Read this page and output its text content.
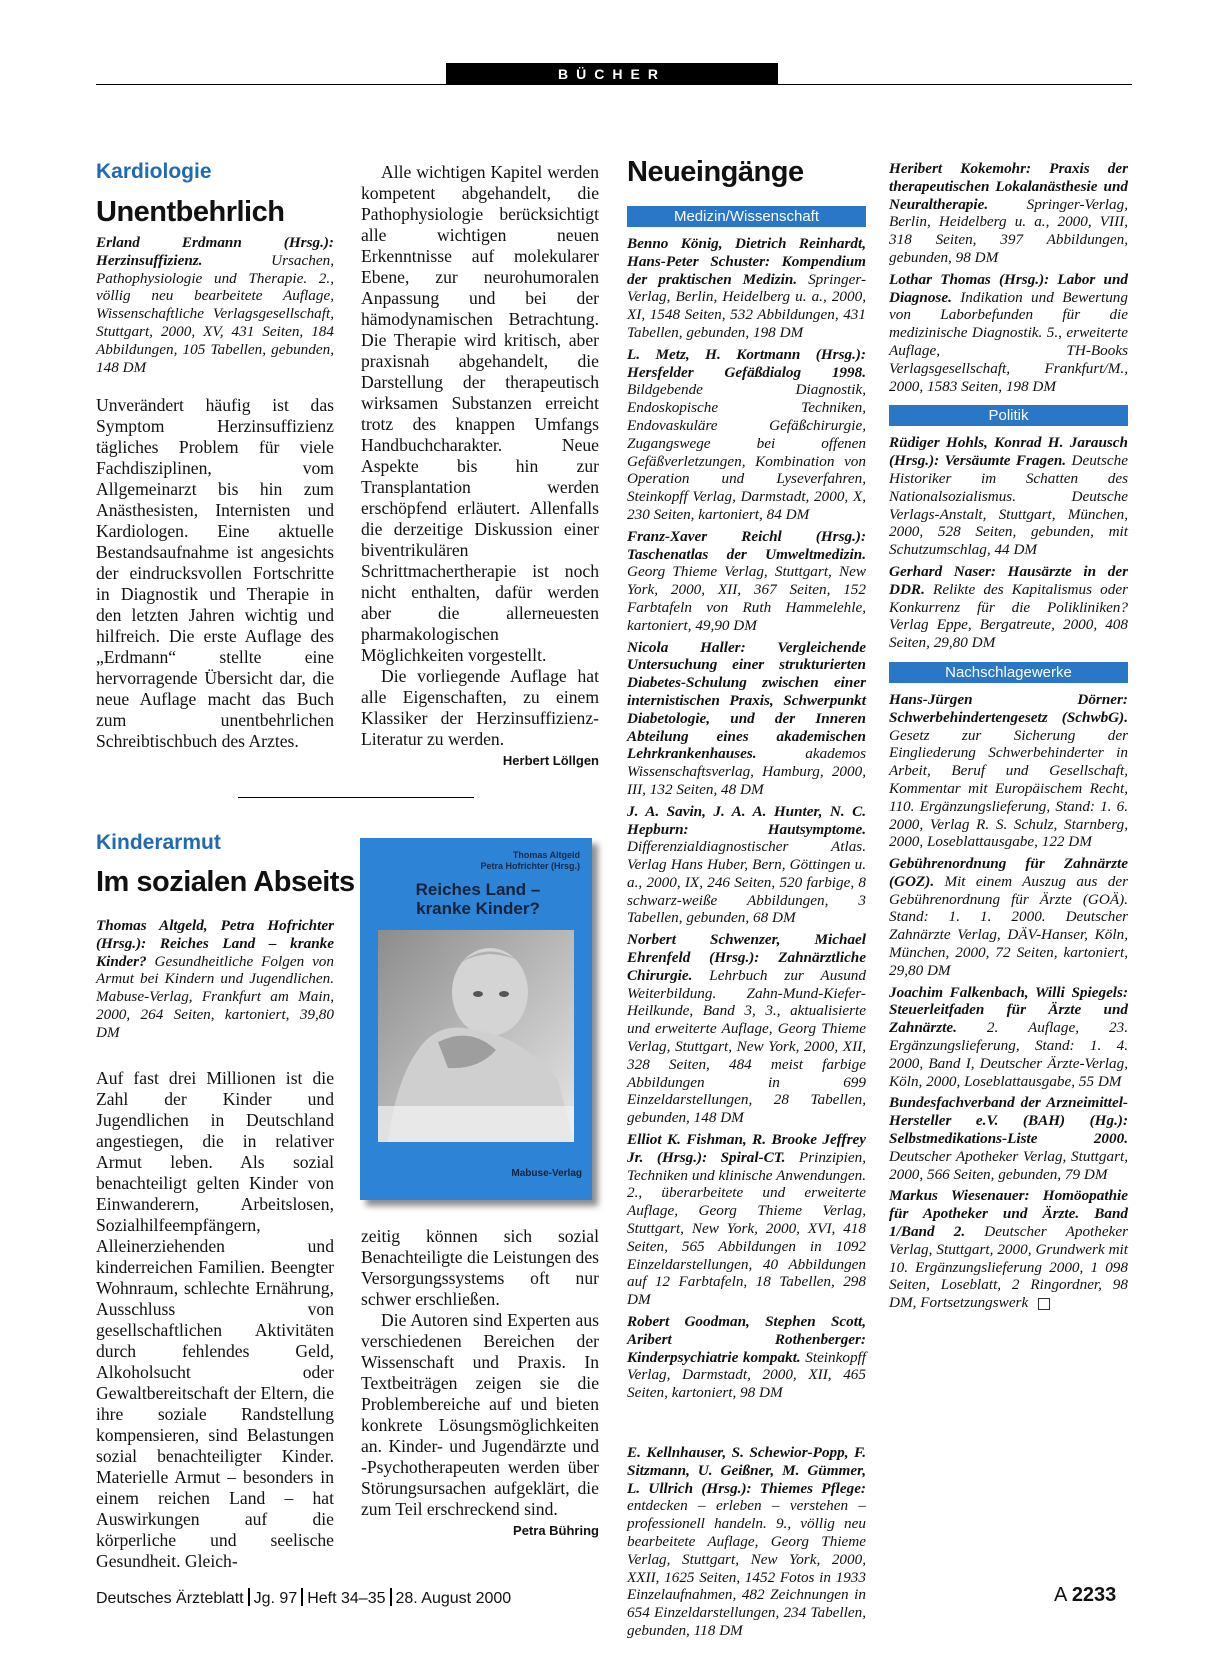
BÜCHER
Kardiologie
Unentbehrlich
Erland Erdmann (Hrsg.): Herzinsuffizienz. Ursachen, Pathophysiologie und Therapie. 2., völlig neu bearbeitete Auflage, Wissenschaftliche Verlagsgesellschaft, Stuttgart, 2000, XV, 431 Seiten, 184 Abbildungen, 105 Tabellen, gebunden, 148 DM

Unverändert häufig ist das Symptom Herzinsuffizienz tägliches Problem für viele Fachdisziplinen, vom Allgemeinarzt bis hin zum Anästhesisten, Internisten und Kardiologen. Eine aktuelle Bestandsaufnahme ist angesichts der eindrucksvollen Fortschritte in Diagnostik und Therapie in den letzten Jahren wichtig und hilfreich. Die erste Auflage des „Erdmann“ stellte eine hervorragende Übersicht dar, die neue Auflage macht das Buch zum unentbehrlichen Schreibtischbuch des Arztes.

Alle wichtigen Kapitel werden kompetent abgehandelt, die Pathophysiologie berücksichtigt alle wichtigen neuen Erkenntnisse auf molekularer Ebene, zur neurohumoralen Anpassung und bei der hämodynamischen Betrachtung. Die Therapie wird kritisch, aber praxisnah abgehandelt, die Darstellung der therapeutisch wirksamen Substanzen erreicht trotz des knappen Umfangs Handbuchcharakter. Neue Aspekte bis hin zur Transplantation werden erschöpfend erläutert. Allenfalls die derzeitige Diskussion einer biventrikulären Schrittmachertherapie ist noch nicht enthalten, dafür werden aber die allerneuesten pharmakologischen Möglichkeiten vorgestellt.

Die vorliegende Auflage hat alle Eigenschaften, zu einem Klassiker der Herzinsuffizienz-Literatur zu werden.
Herbert Löllgen

Kinderarmut
Im sozialen Abseits
Thomas Altgeld, Petra Hofrichter (Hrsg.): Reiches Land – kranke Kinder? Gesundheitliche Folgen von Armut bei Kindern und Jugendlichen. Mabuse-Verlag, Frankfurt am Main, 2000, 264 Seiten, kartoniert, 39,80 DM

Auf fast drei Millionen ist die Zahl der Kinder und Jugendlichen in Deutschland angestiegen, die in relativer Armut leben. Als sozial benachteiligt gelten Kinder von Einwanderern, Arbeitslosen, Sozialhilfeempfängern, Alleinerziehenden und kinderreichen Familien. Beengter Wohnraum, schlechte Ernährung, Ausschluss von gesellschaftlichen Aktivitäten durch fehlendes Geld, Alkoholsucht oder Gewaltbereitschaft der Eltern, die ihre soziale Randstellung kompensieren, sind Belastungen sozial benachteiligter Kinder. Materielle Armut – besonders in einem reichen Land – hat Auswirkungen auf die körperliche und seelische Gesundheit. Gleich-

Thomas Altgeld
Petra Hofrichter (Hrsg.)
Reiches Land –
kranke Kinder?
Mabuse-Verlag

zeitig können sich sozial Benachteiligte die Leistungen des Versorgungssystems oft nur schwer erschließen.

Die Autoren sind Experten aus verschiedenen Bereichen der Wissenschaft und Praxis. In Textbeiträgen zeigen sie die Problembereiche auf und bieten konkrete Lösungsmöglichkeiten an. Kinder- und Jugendärzte und -Psychotherapeuten werden über Störungsursachen aufgeklärt, die zum Teil erschreckend sind.
Petra Bühring

Neueingänge
Medizin/Wissenschaft

Benno König, Dietrich Reinhardt, Hans-Peter Schuster: Kompendium der praktischen Medizin. Springer-Verlag, Berlin, Heidelberg u. a., 2000, XI, 1548 Seiten, 532 Abbildungen, 431 Tabellen, gebunden, 198 DM

L. Metz, H. Kortmann (Hrsg.): Hersfelder Gefäßdialog 1998. Bildgebende Diagnostik, Endoskopische Techniken, Endovaskuläre Gefäßchirurgie, Zugangswege bei offenen Gefäßverletzungen, Kombination von Operation und Lyseverfahren, Steinkopff Verlag, Darmstadt, 2000, X, 230 Seiten, kartoniert, 84 DM

Franz-Xaver Reichl (Hrsg.): Taschenatlas der Umweltmedizin. Georg Thieme Verlag, Stuttgart, New York, 2000, XII, 367 Seiten, 152 Farbtafeln von Ruth Hammelehle, kartoniert, 49,90 DM

Nicola Haller: Vergleichende Untersuchung einer strukturierten Diabetes-Schulung zwischen einer internistischen Praxis, Schwerpunkt Diabetologie, und der Inneren Abteilung eines akademischen Lehrkrankenhauses. akademos Wissenschaftsverlag, Hamburg, 2000, III, 132 Seiten, 48 DM

J. A. Savin, J. A. A. Hunter, N. C. Hepburn: Hautsymptome. Differenzialdiagnostischer Atlas. Verlag Hans Huber, Bern, Göttingen u. a., 2000, IX, 246 Seiten, 520 farbige, 8 schwarz-weiße Abbildungen, 3 Tabellen, gebunden, 68 DM

Norbert Schwenzer, Michael Ehrenfeld (Hrsg.): Zahnärztliche Chirurgie. Lehrbuch zur Ausund Weiterbildung. Zahn-Mund-Kiefer-Heilkunde, Band 3, 3., aktualisierte und erweiterte Auflage, Georg Thieme Verlag, Stuttgart, New York, 2000, XII, 328 Seiten, 484 meist farbige Abbildungen in 699 Einzeldarstellungen, 28 Tabellen, gebunden, 148 DM

Elliot K. Fishman, R. Brooke Jeffrey Jr. (Hrsg.): Spiral-CT. Prinzipien, Techniken und klinische Anwendungen. 2., überarbeitete und erweiterte Auflage, Georg Thieme Verlag, Stuttgart, New York, 2000, XVI, 418 Seiten, 565 Abbildungen in 1092 Einzeldarstellungen, 40 Abbildungen auf 12 Farbtafeln, 18 Tabellen, 298 DM

Robert Goodman, Stephen Scott, Aribert Rothenberger: Kinderpsychiatrie kompakt. Steinkopff Verlag, Darmstadt, 2000, XII, 465 Seiten, kartoniert, 98 DM

E. Kellnhauser, S. Schewior-Popp, F. Sitzmann, U. Geißner, M. Gümmer, L. Ullrich (Hrsg.): Thiemes Pflege: entdecken – erleben – verstehen – professionell handeln. 9., völlig neu bearbeitete Auflage, Georg Thieme Verlag, Stuttgart, New York, 2000, XXII, 1625 Seiten, 1452 Fotos in 1933 Einzelaufnahmen, 482 Zeichnungen in 654 Einzeldarstellungen, 234 Tabellen, gebunden, 118 DM

Heribert Kokemohr: Praxis der therapeutischen Lokalanästhesie und Neuraltherapie. Springer-Verlag, Berlin, Heidelberg u. a., 2000, VIII, 318 Seiten, 397 Abbildungen, gebunden, 98 DM

Lothar Thomas (Hrsg.): Labor und Diagnose. Indikation und Bewertung von Laborbefunden für die medizinische Diagnostik. 5., erweiterte Auflage, TH-Books Verlagsgesellschaft, Frankfurt/M., 2000, 1583 Seiten, 198 DM

Politik

Rüdiger Hohls, Konrad H. Jarausch (Hrsg.): Versäumte Fragen. Deutsche Historiker im Schatten des Nationalsozialismus. Deutsche Verlags-Anstalt, Stuttgart, München, 2000, 528 Seiten, gebunden, mit Schutzumschlag, 44 DM

Gerhard Naser: Hausärzte in der DDR. Relikte des Kapitalismus oder Konkurrenz für die Polikliniken? Verlag Eppe, Bergatreute, 2000, 408 Seiten, 29,80 DM

Nachschlagewerke

Hans-Jürgen Dörner: Schwerbehindertengesetz (SchwbG). Gesetz zur Sicherung der Eingliederung Schwerbehinderter in Arbeit, Beruf und Gesellschaft, Kommentar mit Europäischem Recht, 110. Ergänzungslieferung, Stand: 1. 6. 2000, Verlag R. S. Schulz, Starnberg, 2000, Loseblattausgabe, 122 DM

Gebührenordnung für Zahnärzte (GOZ). Mit einem Auszug aus der Gebührenordnung für Ärzte (GOÄ). Stand: 1. 1. 2000. Deutscher Zahnärzte Verlag, DÄV-Hanser, Köln, München, 2000, 72 Seiten, kartoniert, 29,80 DM

Joachim Falkenbach, Willi Spiegels: Steuerleitfaden für Ärzte und Zahnärzte. 2. Auflage, 23. Ergänzungslieferung, Stand: 1. 4. 2000, Band I, Deutscher Ärzte-Verlag, Köln, 2000, Loseblattausgabe, 55 DM

Bundesfachverband der Arzneimittel-Hersteller e.V. (BAH) (Hg.): Selbstmedikations-Liste 2000. Deutscher Apotheker Verlag, Stuttgart, 2000, 566 Seiten, gebunden, 79 DM

Markus Wiesenauer: Homöopathie für Apotheker und Ärzte. Band 1/Band 2. Deutscher Apotheker Verlag, Stuttgart, 2000, Grundwerk mit 10. Ergänzungslieferung 2000, 1 098 Seiten, Loseblatt, 2 Ringordner, 98 DM, Fortsetzungswerk

Deutsches Ärzteblatt Jg. 97 Heft 34–35 28. August 2000	A 2233
